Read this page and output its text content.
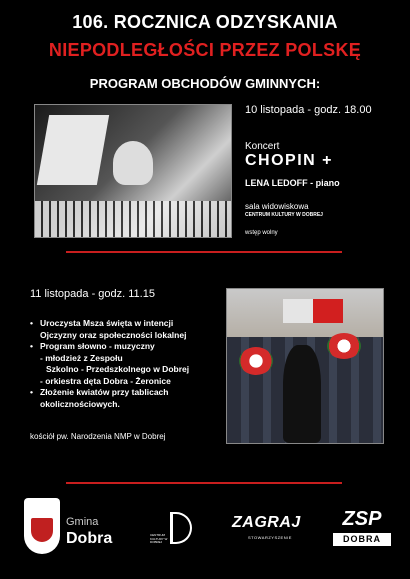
106. ROCZNICA ODZYSKANIA
NIEPODLEGŁOŚCI PRZEZ POLSKĘ
PROGRAM OBCHODÓW GMINNYCH:
10 listopada - godz. 18.00
Koncert
CHOPIN +
LENA LEDOFF - piano
sala widowiskowa
CENTRUM KULTURY W DOBREJ
wstęp wolny
11 listopada - godz. 11.15
• Uroczysta Msza święta w intencji
Ojczyzny oraz społeczności lokalnej
• Program słowno - muzyczny
- młodzież z Zespołu
Szkolno - Przedszkolnego w Dobrej
- orkiestra dęta Dobra - Żeronice
• Złożenie kwiatów przy tablicach
okolicznościowych.
kościół pw. Narodzenia NMP w Dobrej
Gmina
Dobra	CENTRUM KULTURY W DOBREJ
ZAGRAJ
STOWARZYSZENIE
ZSP
DOBRA
